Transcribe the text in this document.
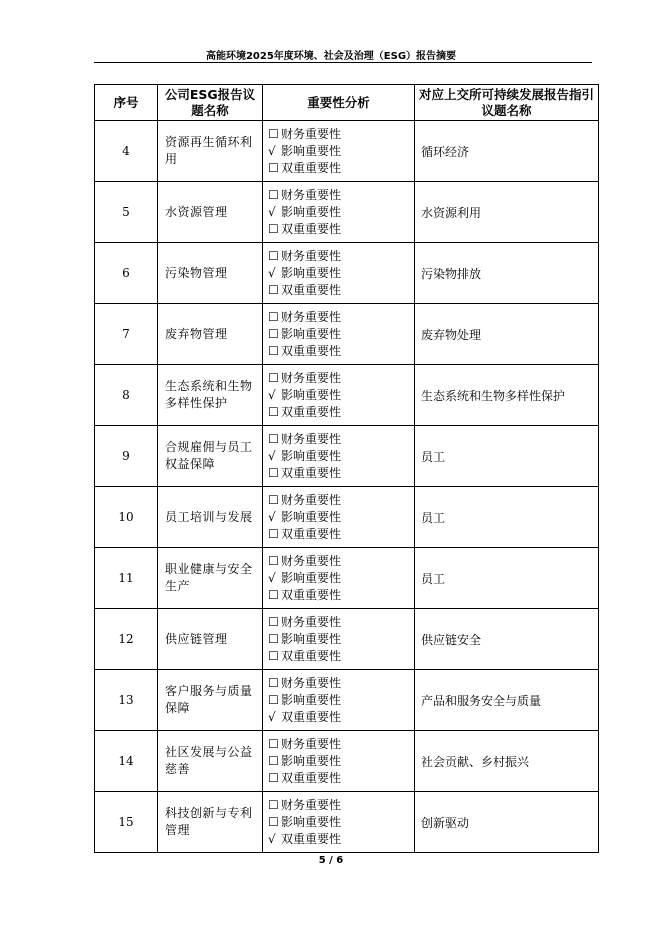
高能环境2025年度环境、社会及治理（ESG）报告摘要
序号	公司ESG报告议题名称	重要性分析	对应上交所可持续发展报告指引议题名称
4	资源再生循环利用	☐ 财务重要性
√ 影响重要性
☐ 双重重要性	循环经济
5	水资源管理	☐ 财务重要性
√ 影响重要性
☐ 双重重要性	水资源利用
6	污染物管理	☐ 财务重要性
√ 影响重要性
☐ 双重重要性	污染物排放
7	废弃物管理	☐ 财务重要性
☐ 影响重要性
☐ 双重重要性	废弃物处理
8	生态系统和生物多样性保护	☐ 财务重要性
√ 影响重要性
☐ 双重重要性	生态系统和生物多样性保护
9	合规雇佣与员工权益保障	☐ 财务重要性
√ 影响重要性
☐ 双重重要性	员工
10	员工培训与发展	☐ 财务重要性
√ 影响重要性
☐ 双重重要性	员工
11	职业健康与安全生产	☐ 财务重要性
√ 影响重要性
☐ 双重重要性	员工
12	供应链管理	☐ 财务重要性
☐ 影响重要性
☐ 双重重要性	供应链安全
13	客户服务与质量保障	☐ 财务重要性
☐ 影响重要性
√ 双重重要性	产品和服务安全与质量
14	社区发展与公益慈善	☐ 财务重要性
☐ 影响重要性
☐ 双重重要性	社会贡献、乡村振兴
15	科技创新与专利管理	☐ 财务重要性
☐ 影响重要性
√ 双重重要性	创新驱动
5 / 6
